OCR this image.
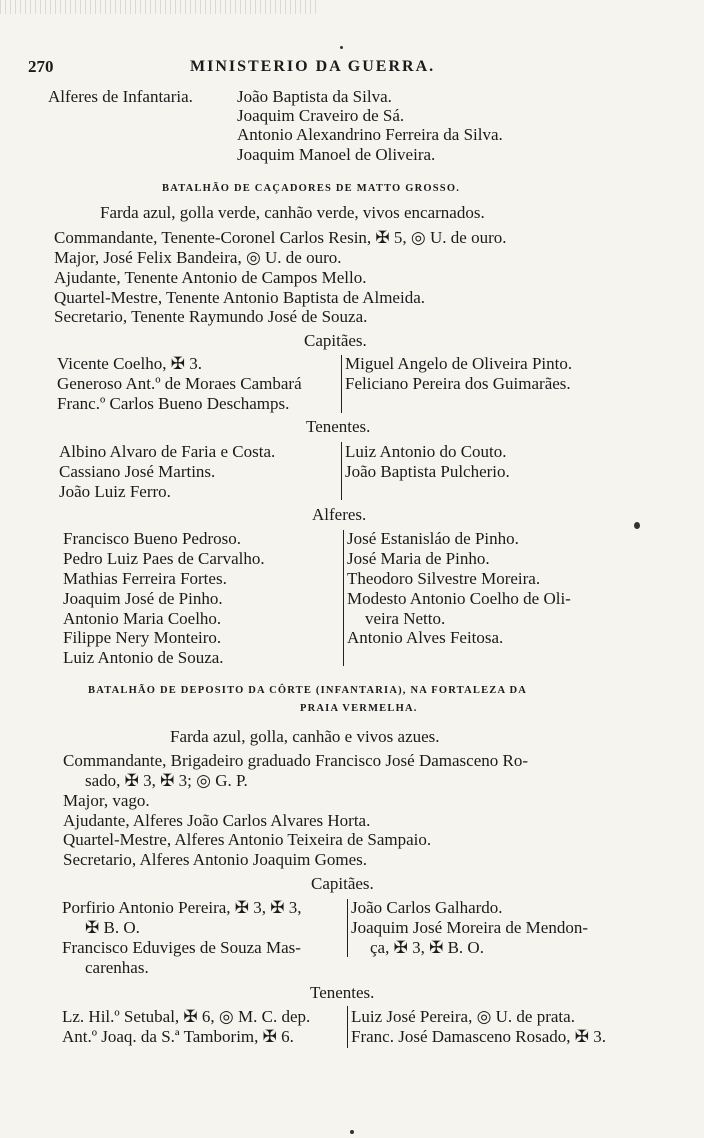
270	MINISTERIO DA GUERRA.
Alferes de Infantaria.	João Baptista da Silva.
Joaquim Craveiro de Sá.
Antonio Alexandrino Ferreira da Silva.
Joaquim Manoel de Oliveira.
BATALHÃO DE CAÇADORES DE MATTO GROSSO.
Farda azul, golla verde, canhão verde, vivos encarnados.
Commandante, Tenente-Coronel Carlos Resin, ✠ 5, ◎ U. de ouro.
Major, José Felix Bandeira, ◎ U. de ouro.
Ajudante, Tenente Antonio de Campos Mello.
Quartel-Mestre, Tenente Antonio Baptista de Almeida.
Secretario, Tenente Raymundo José de Souza.
Capitães.
Vicente Coelho, ✠ 3.
Generoso Ant.º de Moraes Cambará
Franc.º Carlos Bueno Deschamps.
Miguel Angelo de Oliveira Pinto.
Feliciano Pereira dos Guimarães.
Tenentes.
Albino Alvaro de Faria e Costa.
Cassiano José Martins.
João Luiz Ferro.
Luiz Antonio do Couto.
João Baptista Pulcherio.
Alferes.
Francisco Bueno Pedroso.
Pedro Luiz Paes de Carvalho.
Mathias Ferreira Fortes.
Joaquim José de Pinho.
Antonio Maria Coelho.
Filippe Nery Monteiro.
Luiz Antonio de Souza.
José Estanisláo de Pinho.
José Maria de Pinho.
Theodoro Silvestre Moreira.
Modesto Antonio Coelho de Oli-
veira Netto.
Antonio Alves Feitosa.
BATALHÃO DE DEPOSITO DA CÔRTE (INFANTARIA), NA FORTALEZA DA
PRAIA VERMELHA.
Farda azul, golla, canhão e vivos azues.
Commandante, Brigadeiro graduado Francisco José Damasceno Ro-
sado, ✠ 3, ✠ 3; ◎ G. P.
Major, vago.
Ajudante, Alferes João Carlos Alvares Horta.
Quartel-Mestre, Alferes Antonio Teixeira de Sampaio.
Secretario, Alferes Antonio Joaquim Gomes.
Capitães.
Porfirio Antonio Pereira, ✠ 3, ✠ 3,
✠ B. O.
Francisco Eduviges de Souza Mas-
carenhas.
João Carlos Galhardo.
Joaquim José Moreira de Mendon-
ça, ✠ 3, ✠ B. O.
Tenentes.
Lz. Hil.º Setubal, ✠ 6, ◎ M. C. dep.
Ant.º Joaq. da S.ª Tamborim, ✠ 6.
Luiz José Pereira, ◎ U. de prata.
Franc. José Damasceno Rosado, ✠ 3.
